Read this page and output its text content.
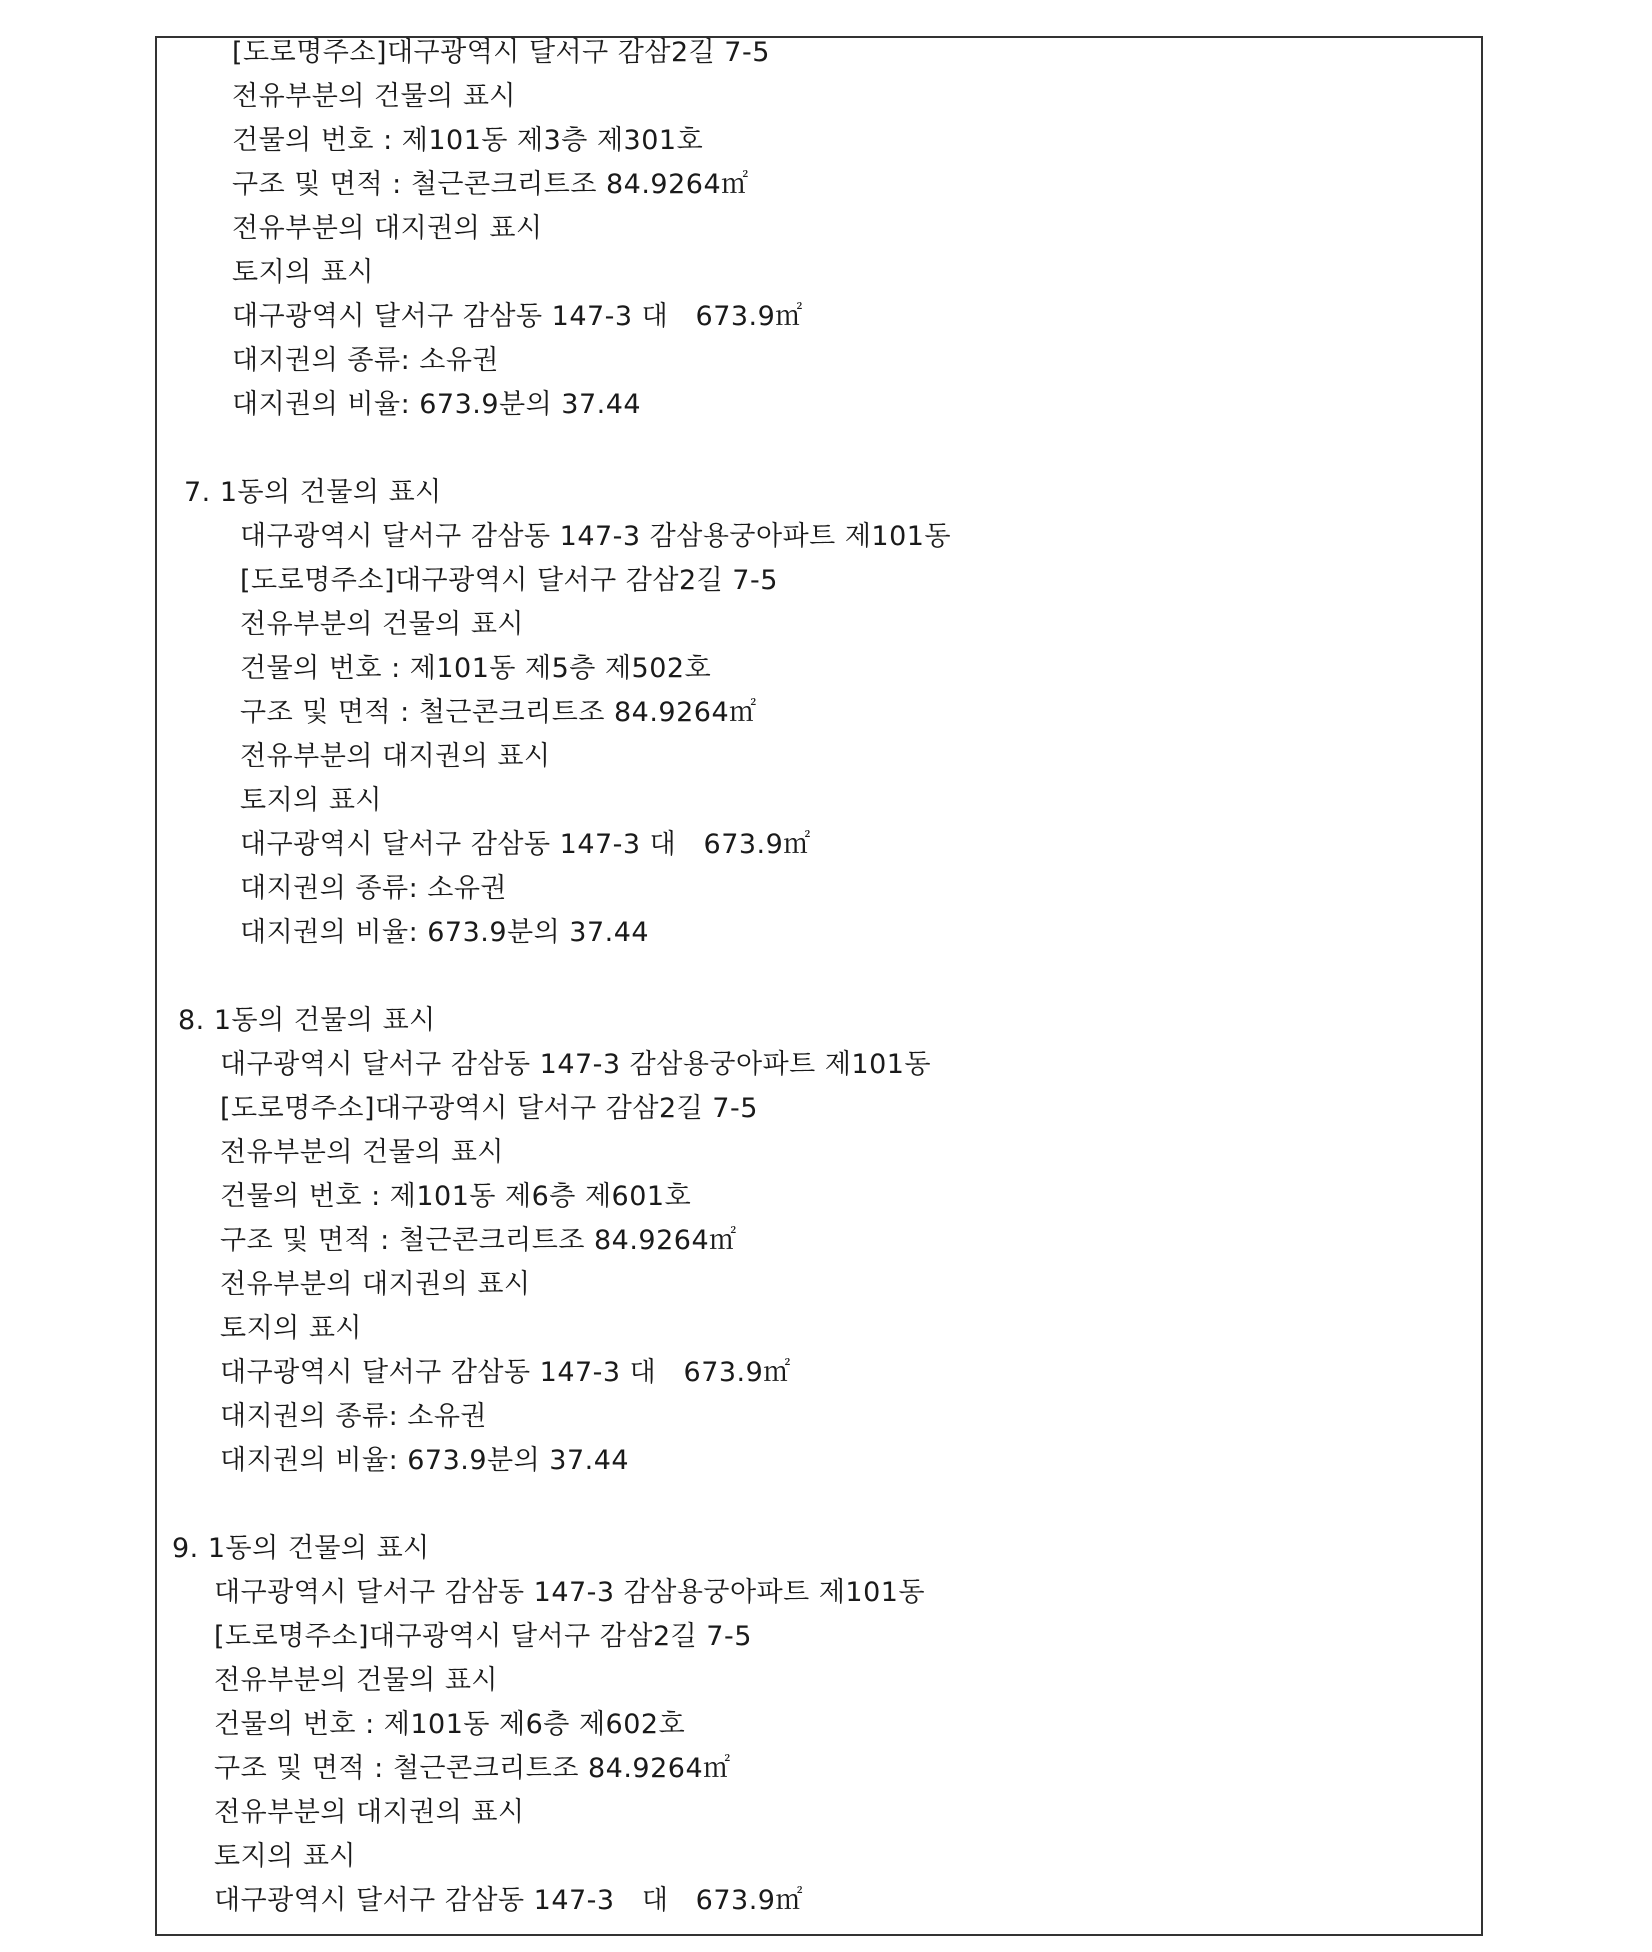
[도로명주소]대구광역시 달서구 감삼2길 7-5
전유부분의 건물의 표시
건물의 번호 : 제101동 제3층 제301호
구조 및 면적 : 철근콘크리트조 84.9264㎡
전유부분의 대지권의 표시
토지의 표시
대구광역시 달서구 감삼동 147-3 대   673.9㎡
대지권의 종류: 소유권
대지권의 비율: 673.9분의 37.44
7. 1동의 건물의 표시
대구광역시 달서구 감삼동 147-3 감삼용궁아파트 제101동
[도로명주소]대구광역시 달서구 감삼2길 7-5
전유부분의 건물의 표시
건물의 번호 : 제101동 제5층 제502호
구조 및 면적 : 철근콘크리트조 84.9264㎡
전유부분의 대지권의 표시
토지의 표시
대구광역시 달서구 감삼동 147-3 대   673.9㎡
대지권의 종류: 소유권
대지권의 비율: 673.9분의 37.44
8. 1동의 건물의 표시
대구광역시 달서구 감삼동 147-3 감삼용궁아파트 제101동
[도로명주소]대구광역시 달서구 감삼2길 7-5
전유부분의 건물의 표시
건물의 번호 : 제101동 제6층 제601호
구조 및 면적 : 철근콘크리트조 84.9264㎡
전유부분의 대지권의 표시
토지의 표시
대구광역시 달서구 감삼동 147-3 대   673.9㎡
대지권의 종류: 소유권
대지권의 비율: 673.9분의 37.44
9. 1동의 건물의 표시
대구광역시 달서구 감삼동 147-3 감삼용궁아파트 제101동
[도로명주소]대구광역시 달서구 감삼2길 7-5
전유부분의 건물의 표시
건물의 번호 : 제101동 제6층 제602호
구조 및 면적 : 철근콘크리트조 84.9264㎡
전유부분의 대지권의 표시
토지의 표시
대구광역시 달서구 감삼동 147-3   대   673.9㎡
